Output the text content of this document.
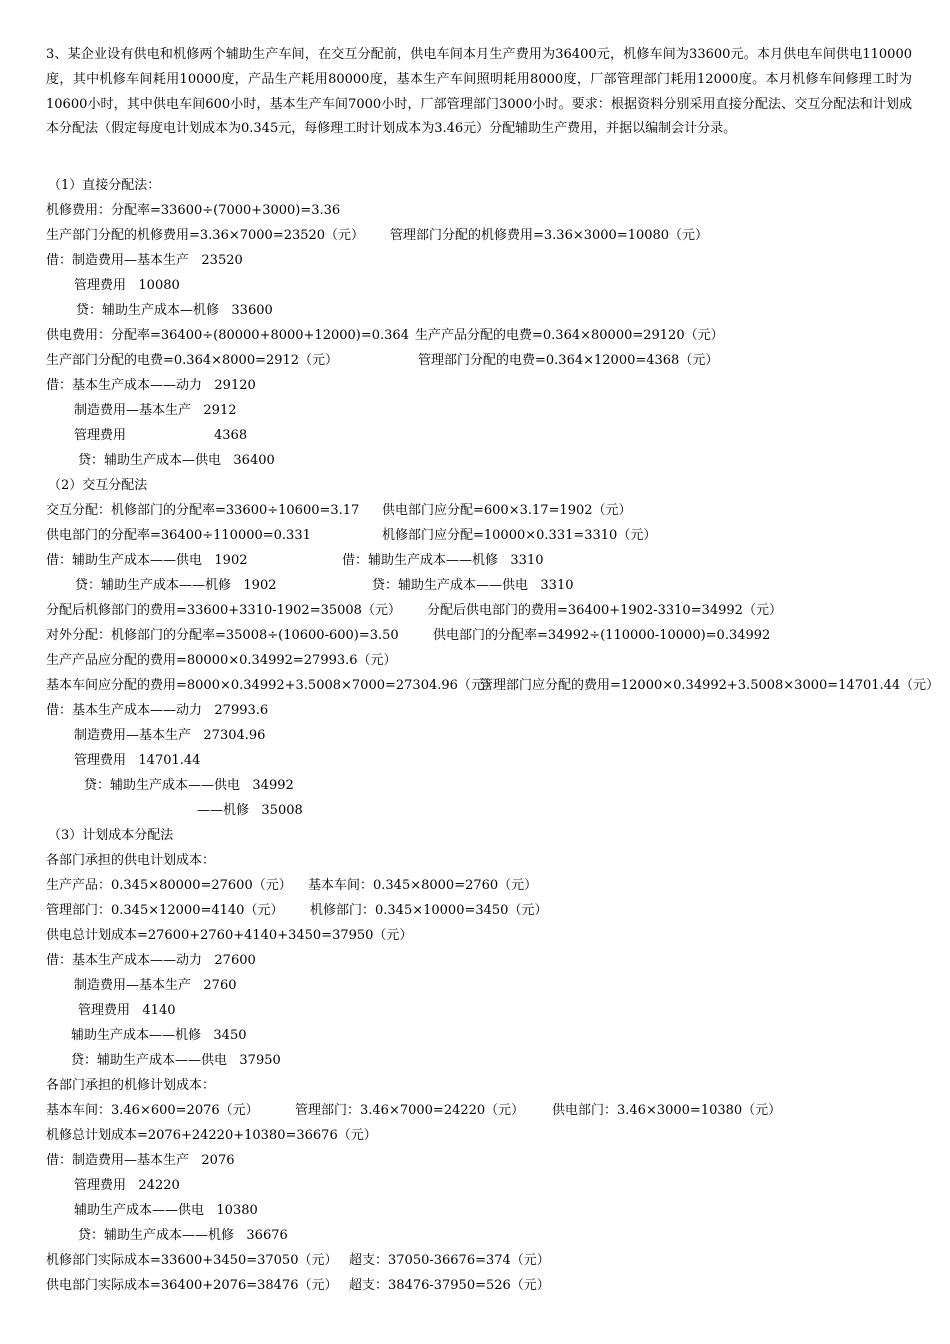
3、某企业设有供电和机修两个辅助生产车间，在交互分配前，供电车间本月生产费用为36400元，机修车间为33600元。本月供电车间供电110000度，其中机修车间耗用10000度，产品生产耗用80000度，基本生产车间照明耗用8000度，厂部管理部门耗用12000度。本月机修车间修理工时为10600小时，其中供电车间600小时，基本生产车间7000小时，厂部管理部门3000小时。要求：根据资料分别采用直接分配法、交互分配法和计划成本分配法（假定每度电计划成本为0.345元，每修理工时计划成本为3.46元）分配辅助生产费用，并据以编制会计分录。
（1）直接分配法：
机修费用：分配率=33600÷(7000+3000)=3.36
生产部门分配的机修费用=3.36×7000=23520（元） 管理部门分配的机修费用=3.36×3000=10080（元）
借：制造费用—基本生产   23520
管理费用   10080
贷：辅助生产成本—机修   33600
供电费用：分配率=36400÷(80000+8000+12000)=0.364 生产产品分配的电费=0.364×80000=29120（元）
生产部门分配的电费=0.364×8000=2912（元）	管理部门分配的电费=0.364×12000=4368（元）
借：基本生产成本——动力   29120
制造费用—基本生产   2912
管理费用	4368
贷：辅助生产成本—供电   36400
（2）交互分配法
交互分配：机修部门的分配率=33600÷10600=3.17 供电部门应分配=600×3.17=1902（元）
供电部门的分配率=36400÷110000=0.331	机修部门应分配=10000×0.331=3310（元）
借：辅助生产成本——供电   1902	借：辅助生产成本——机修   3310
贷：辅助生产成本——机修   1902	贷：辅助生产成本——供电   3310
分配后机修部门的费用=33600+3310-1902=35008（元） 分配后供电部门的费用=36400+1902-3310=34992（元）
对外分配：机修部门的分配率=35008÷(10600-600)=3.50	供电部门的分配率=34992÷(110000-10000)=0.34992
生产产品应分配的费用=80000×0.34992=27993.6（元）
基本车间应分配的费用=8000×0.34992+3.5008×7000=27304.96（元）
管理部门应分配的费用=12000×0.34992+3.5008×3000=14701.44（元）
借：基本生产成本——动力   27993.6
制造费用—基本生产   27304.96
管理费用   14701.44
贷：辅助生产成本——供电   34992
——机修   35008
（3）计划成本分配法
各部门承担的供电计划成本：
生产产品：0.345×80000=27600（元） 基本车间：0.345×8000=2760（元）
管理部门：0.345×12000=4140（元） 机修部门：0.345×10000=3450（元）
供电总计划成本=27600+2760+4140+3450=37950（元）
借：基本生产成本——动力   27600
制造费用—基本生产   2760
管理费用   4140
辅助生产成本——机修   3450
贷：辅助生产成本——供电   37950
各部门承担的机修计划成本：
基本车间：3.46×600=2076（元）	管理部门：3.46×7000=24220（元） 供电部门：3.46×3000=10380（元）
机修总计划成本=2076+24220+10380=36676（元）
借：制造费用—基本生产   2076
管理费用   24220
辅助生产成本——供电   10380
贷：辅助生产成本——机修   36676
机修部门实际成本=33600+3450=37050（元） 超支：37050-36676=374（元）
供电部门实际成本=36400+2076=38476（元） 超支：38476-37950=526（元）
